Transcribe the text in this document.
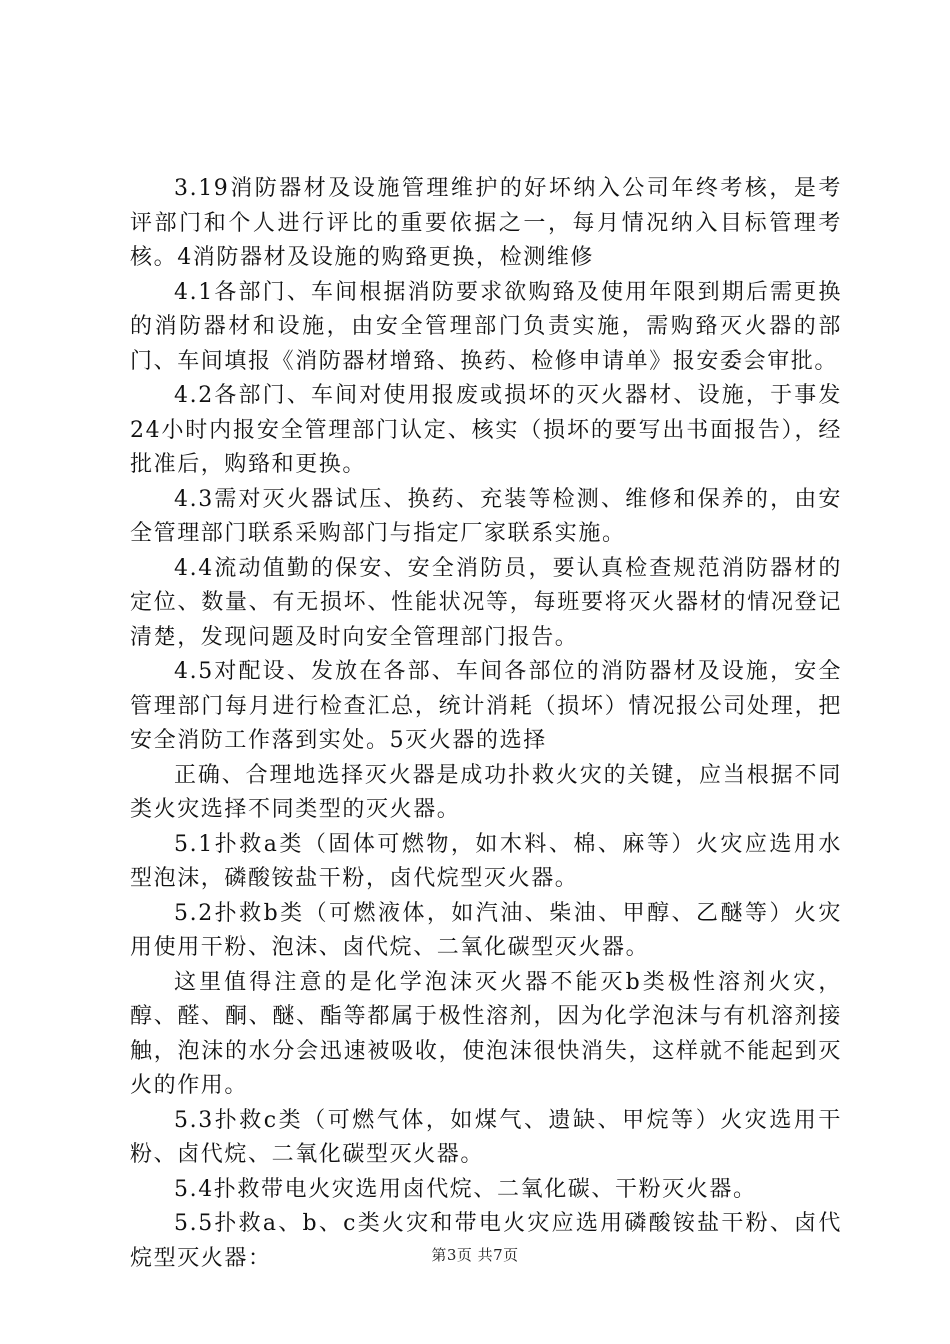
3.19消防器材及设施管理维护的好坏纳入公司年终考核，是考评部门和个人进行评比的重要依据之一，每月情况纳入目标管理考核。4消防器材及设施的购臵更换，检测维修

4.1各部门、车间根据消防要求欲购臵及使用年限到期后需更换的消防器材和设施，由安全管理部门负责实施，需购臵灭火器的部门、车间填报《消防器材增臵、换药、检修申请单》报安委会审批。

4.2各部门、车间对使用报废或损坏的灭火器材、设施，于事发24小时内报安全管理部门认定、核实（损坏的要写出书面报告），经批准后，购臵和更换。

4.3需对灭火器试压、换药、充装等检测、维修和保养的，由安全管理部门联系采购部门与指定厂家联系实施。

4.4流动值勤的保安、安全消防员，要认真检查规范消防器材的定位、数量、有无损坏、性能状况等，每班要将灭火器材的情况登记清楚，发现问题及时向安全管理部门报告。

4.5对配设、发放在各部、车间各部位的消防器材及设施，安全管理部门每月进行检查汇总，统计消耗（损坏）情况报公司处理，把安全消防工作落到实处。5灭火器的选择

正确、合理地选择灭火器是成功扑救火灾的关键，应当根据不同类火灾选择不同类型的灭火器。

5.1扑救a类（固体可燃物，如木料、棉、麻等）火灾应选用水型泡沫，磷酸铵盐干粉，卤代烷型灭火器。

5.2扑救b类（可燃液体，如汽油、柴油、甲醇、乙醚等）火灾用使用干粉、泡沫、卤代烷、二氧化碳型灭火器。

这里值得注意的是化学泡沫灭火器不能灭b类极性溶剂火灾，醇、醛、酮、醚、酯等都属于极性溶剂，因为化学泡沫与有机溶剂接触，泡沫的水分会迅速被吸收，使泡沫很快消失，这样就不能起到灭火的作用。

5.3扑救c类（可燃气体，如煤气、遗缺、甲烷等）火灾选用干粉、卤代烷、二氧化碳型灭火器。

5.4扑救带电火灾选用卤代烷、二氧化碳、干粉灭火器。

5.5扑救a、b、c类火灾和带电火灾应选用磷酸铵盐干粉、卤代烷型灭火器：	第3页 共7页
